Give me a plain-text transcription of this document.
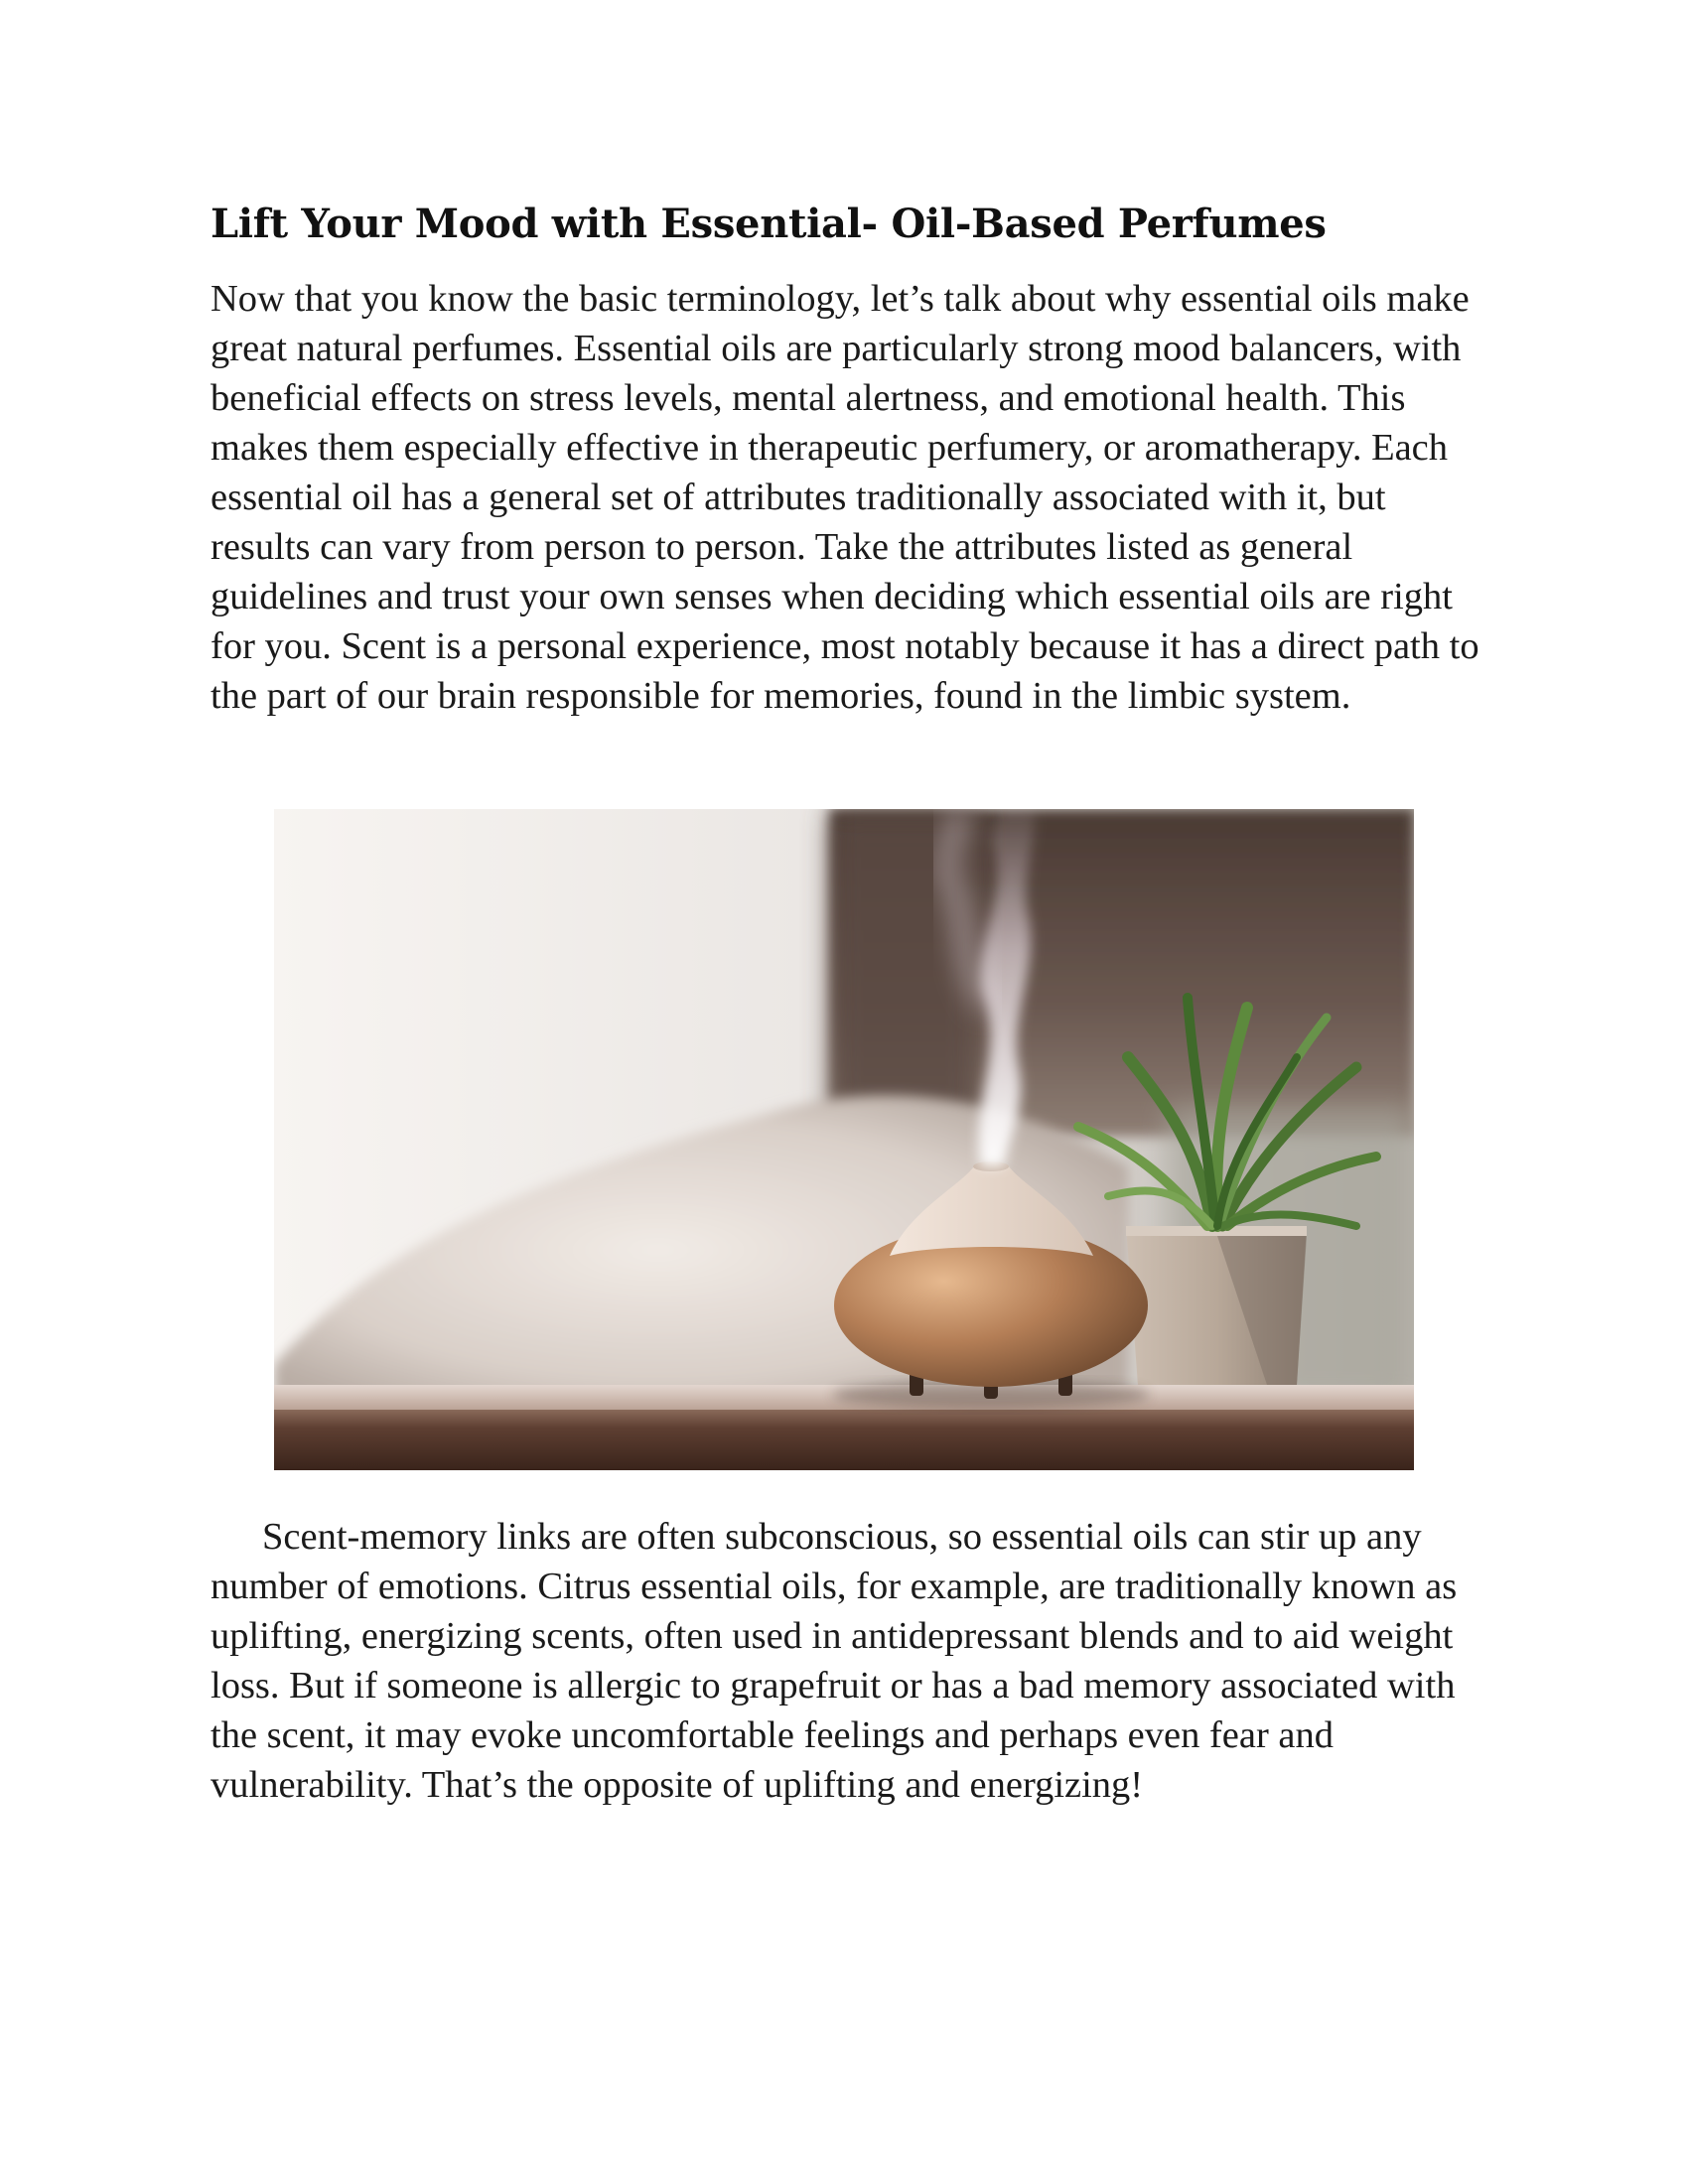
Lift Your Mood with Essential- Oil-Based Perfumes

Now that you know the basic terminology, let’s talk about why essential oils make great natural perfumes. Essential oils are particularly strong mood balancers, with beneficial effects on stress levels, mental alertness, and emotional health. This makes them especially effective in therapeutic perfumery, or aromatherapy. Each essential oil has a general set of attributes traditionally associated with it, but results can vary from person to person. Take the attributes listed as general guidelines and trust your own senses when deciding which essential oils are right for you. Scent is a personal experience, most notably because it has a direct path to the part of our brain responsible for memories, found in the limbic system.

Scent-memory links are often subconscious, so essential oils can stir up any number of emotions. Citrus essential oils, for example, are traditionally known as uplifting, energizing scents, often used in antidepressant blends and to aid weight loss. But if someone is allergic to grapefruit or has a bad memory associated with the scent, it may evoke uncomfortable feelings and perhaps even fear and vulnerability. That’s the opposite of uplifting and energizing!
